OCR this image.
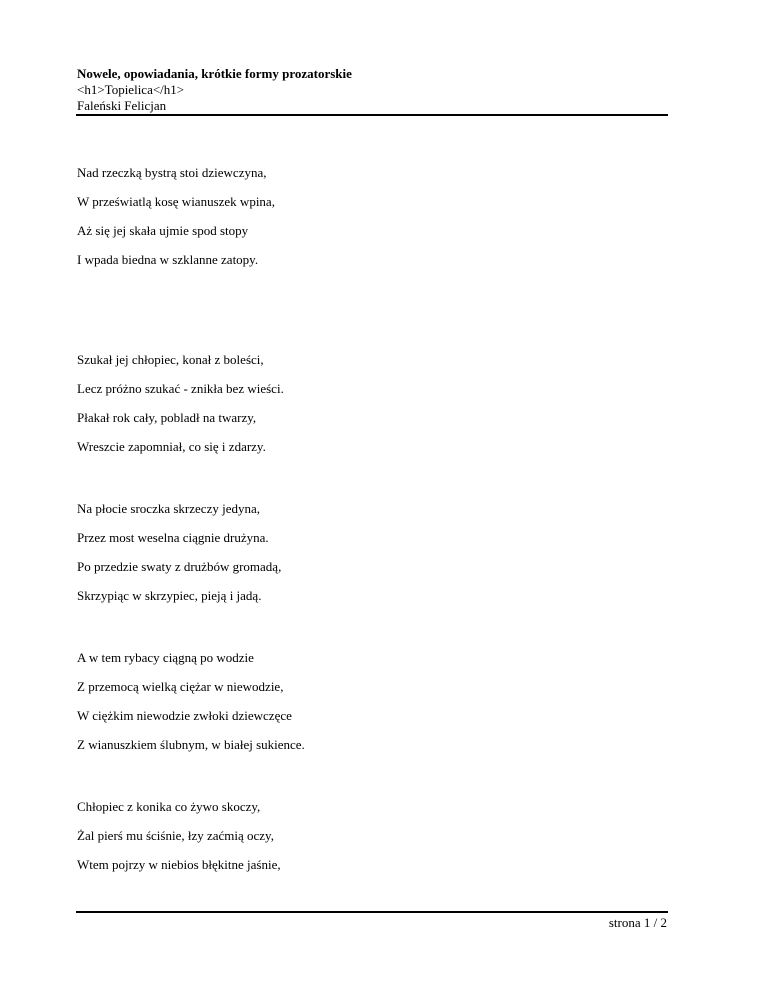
Nowele, opowiadania, krótkie formy prozatorskie
<h1>Topielica</h1>
Faleński Felicjan
Nad rzeczką bystrą stoi dziewczyna,
W przeświatlą kosę wianuszek wpina,
Aż się jej skała ujmie spod stopy
I wpada biedna w szklanne zatopy.
Szukał jej chłopiec, konał z boleści,
Lecz próżno szukać - znikła bez wieści.
Płakał rok cały, pobladł na twarzy,
Wreszcie zapomniał, co się i zdarzy.
Na płocie sroczka skrzeczy jedyna,
Przez most weselna ciągnie drużyna.
Po przedzie swaty z drużbów gromadą,
Skrzypiąc w skrzypiec, pieją i jadą.
A w tem rybacy ciągną po wodzie
Z przemocą wielką ciężar w niewodzie,
W ciężkim niewodzie zwłoki dziewczęce
Z wianuszkiem ślubnym, w białej sukience.
Chłopiec z konika co żywo skoczy,
Żal pierś mu ściśnie, łzy zaćmią oczy,
Wtem pojrzy w niebios błękitne jaśnie,
strona 1 / 2
